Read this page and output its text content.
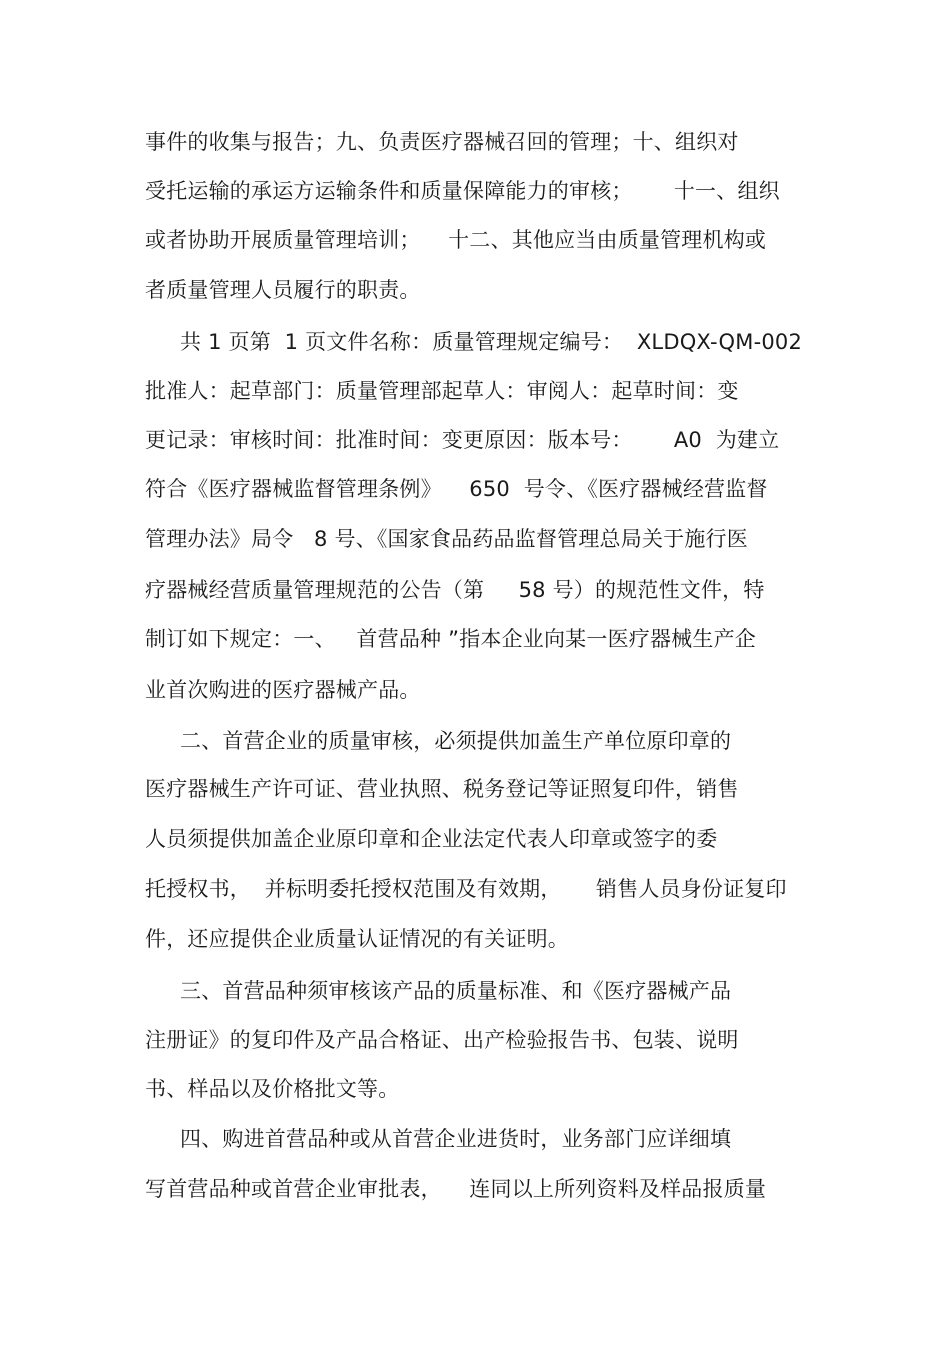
事件的收集与报告；九、负责医疗器械召回的管理；十、组织对
受托运输的承运方运输条件和质量保障能力的审核；      十一、组织
或者协助开展质量管理培训；    十二、其他应当由质量管理机构或
者质量管理人员履行的职责。
共 1 页第  1 页文件名称：质量管理规定编号：  XLDQX-QM-002
批准人：起草部门：质量管理部起草人：审阅人：起草时间：变
更记录：审核时间：批准时间：变更原因：版本号：      A0  为建立
符合《医疗器械监督管理条例》    650  号令、《医疗器械经营监督
管理办法》局令   8 号、《国家食品药品监督管理总局关于施行医
疗器械经营质量管理规范的公告（第     58 号）的规范性文件，特
制订如下规定：一、   首营品种 ”指本企业向某一医疗器械生产企
业首次购进的医疗器械产品。
二、首营企业的质量审核，必须提供加盖生产单位原印章的
医疗器械生产许可证、营业执照、税务登记等证照复印件，销售
人员须提供加盖企业原印章和企业法定代表人印章或签字的委
托授权书，  并标明委托授权范围及有效期，     销售人员身份证复印
件，还应提供企业质量认证情况的有关证明。
三、首营品种须审核该产品的质量标准、和《医疗器械产品
注册证》的复印件及产品合格证、出产检验报告书、包装、说明
书、样品以及价格批文等。
四、购进首营品种或从首营企业进货时，业务部门应详细填
写首营品种或首营企业审批表，    连同以上所列资料及样品报质量
